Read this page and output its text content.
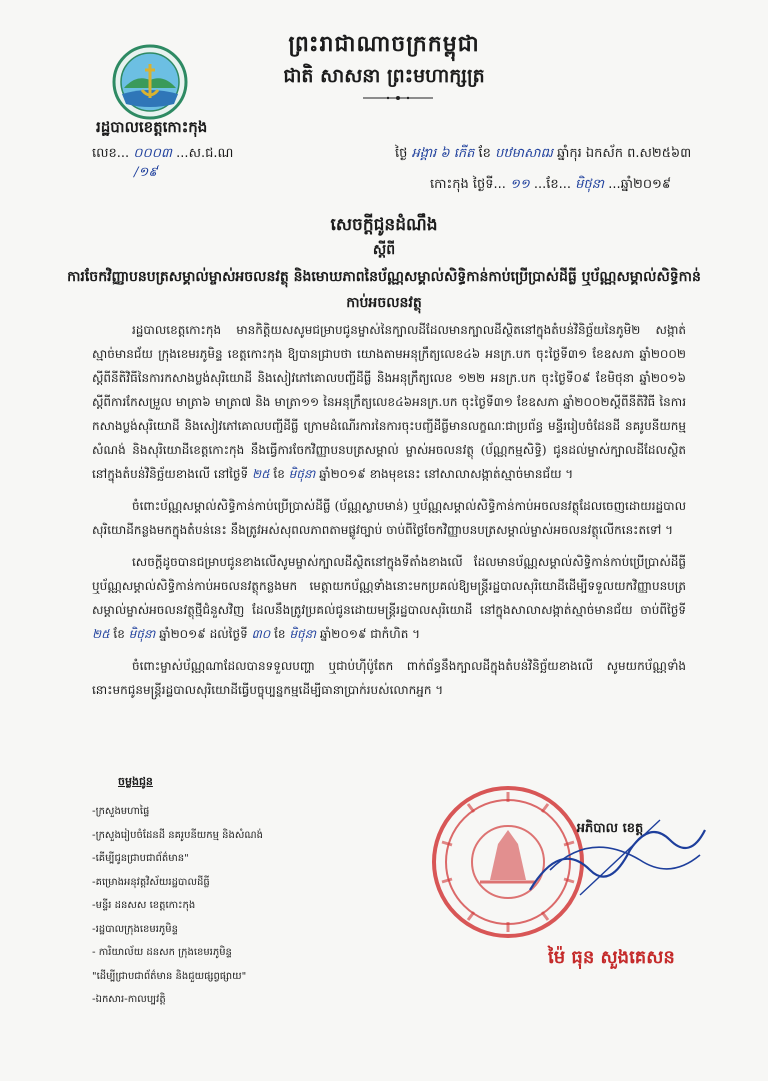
ព្រះរាជាណាចក្រកម្ពុជា
ជាតិ សាសនា ព្រះមហាក្សត្រ
រដ្ឋបាលខេត្តកោះកុង
លេខ... ០០០៣ ...ស.ជ.ណ
/១៩
ថ្ងៃ អង្គារ ៦ កើត ខែ បឋមាសាឍ ឆ្នាំកុរ ឯកស័ក ព.ស២៥៦៣
កោះកុង ថ្ងៃទី... ១១ ...ខែ... មិថុនា ...ឆ្នាំ២០១៩
សេចក្តីជូនដំណឹង
ស្តីពី
ការចែកវិញ្ញាបនបត្រសម្គាល់ម្ចាស់អចលនវត្ថុ និងមោឃភាពនៃប័ណ្ណសម្គាល់សិទ្ធិកាន់កាប់ប្រើប្រាស់ដីធ្លី ឬប័ណ្ណសម្គាល់សិទ្ធិកាន់កាប់អចលនវត្ថុ

រដ្ឋបាលខេត្តកោះកុង មានកិត្តិយសសូមជម្រាបជូនម្ចាស់នៃក្បាលដីដែលមានក្បាលដីស្ថិតនៅក្នុងតំបន់វិនិច្ឆ័យនៃភូមិ២ សង្កាត់ស្មាច់មានជ័យ ក្រុងខេមរភូមិន្ទ ខេត្តកោះកុង ឱ្យបានជ្រាបថា យោងតាមអនុក្រឹត្យលេខ៤៦ អនក្រ.បក ចុះថ្ងៃទី៣១ ខែឧសភា ឆ្នាំ២០០២ ស្តីពីនីតិវិធីនៃការកសាងប្លង់សុរិយោដី និងសៀវភៅគោលបញ្ជីដីធ្លី និងអនុក្រឹត្យលេខ ១២២ អនក្រ.បក ចុះថ្ងៃទី០៩ ខែមិថុនា ឆ្នាំ២០១៦ ស្តីពីការកែសម្រួល មាត្រា៦ មាត្រា៧ និង មាត្រា១១ នៃអនុក្រឹត្យលេខ៤៦អនក្រ.បក ចុះថ្ងៃទី៣១ ខែឧសភា ឆ្នាំ២០០២ស្តីពីនីតិវិធី នៃការកសាងប្លង់សុរិយោដី និងសៀវភៅគោលបញ្ជីដីធ្លី ក្រោមដំណើរការនៃការចុះបញ្ជីដីធ្លីមានលក្ខណៈជាប្រព័ន្ធ មន្ទីររៀបចំដែនដី នគរូបនីយកម្ម សំណង់ និងសុរិយោដីខេត្តកោះកុង នឹងធ្វើការចែកវិញ្ញាបនបត្រសម្គាល់ ម្ចាស់អចលនវត្ថុ (ប័ណ្ណកម្មសិទ្ធិ) ជូនដល់ម្ចាស់ក្បាលដីដែលស្ថិតនៅក្នុងតំបន់វិនិច្ឆ័យខាងលើ នៅថ្ងៃទី ២៥ ខែ មិថុនា ឆ្នាំ២០១៩ ខាងមុខនេះ នៅសាលាសង្កាត់ស្មាច់មានជ័យ ។

ចំពោះប័ណ្ណសម្គាល់សិទ្ធិកាន់កាប់ប្រើប្រាស់ដីធ្លី (ប័ណ្ណស្លាបមាន់) ឬប័ណ្ណសម្គាល់សិទ្ធិកាន់កាប់អចលនវត្ថុដែលចេញដោយរដ្ឋបាលសុរិយោដីកន្លងមកក្នុងតំបន់នេះ នឹងត្រូវអស់សុពលភាពតាមផ្លូវច្បាប់ ចាប់ពីថ្ងៃចែកវិញ្ញាបនបត្រសម្គាល់ម្ចាស់អចលនវត្ថុលើកនេះតទៅ ។

សេចក្តីដូចបានជម្រាបជូនខាងលើសូមម្ចាស់ក្បាលដីស្ថិតនៅក្នុងទីតាំងខាងលើ ដែលមានប័ណ្ណសម្គាល់សិទ្ធិកាន់កាប់ប្រើប្រាស់ដីធ្លី ឬប័ណ្ណសម្គាល់សិទ្ធិកាន់កាប់អចលនវត្ថុកន្លងមក មេត្តាយកប័ណ្ណទាំងនោះមកប្រគល់ឱ្យមន្ត្រីរដ្ឋបាលសុរិយោដីដើម្បីទទួលយកវិញ្ញាបនបត្រសម្គាល់ម្ចាស់អចលនវត្ថុថ្មីជំនួសវិញ ដែលនឹងត្រូវប្រគល់ជូនដោយមន្ត្រីរដ្ឋបាលសុរិយោដី នៅក្នុងសាលាសង្កាត់ស្មាច់មានជ័យ ចាប់ពីថ្ងៃទី ២៥ ខែ មិថុនា ឆ្នាំ២០១៩ ដល់ថ្ងៃទី ៣០ ខែ មិថុនា ឆ្នាំ២០១៩ ជាកំហិត ។

ចំពោះម្ចាស់ប័ណ្ណណាដែលបានទទួលបញ្ហា ឬជាប់ហ៊ីប៉ូតែក ពាក់ព័ន្ធនឹងក្បាលដីក្នុងតំបន់វិនិច្ឆ័យខាងលើ សូមយកប័ណ្ណទាំងនោះមកជូនមន្ត្រីរដ្ឋបាលសុរិយោដីធ្វើបច្ចុប្បន្នកម្មដើម្បីធានាប្រាក់របស់លោកអ្នក ។

ចម្លងជូន
-ក្រសួងមហាផ្ទៃ
-ក្រសួងរៀបចំដែនដី នគរូបនីយកម្ម និងសំណង់
-គើម្បីជូនជ្រាបជាព័ត៌មាន"
-គម្រោងអនុវត្តវិស័យរដ្ឋបាលដីធ្លី
-មន្ទីរ ដនសស ខេត្តកោះកុង
-រដ្ឋបាលក្រុងខេមរភូមិន្ទ
- ការិយាល័យ ដនសក ក្រុងខេមរភូមិន្ទ
"ដើម្បីជ្រាបជាព័ត៌មាន និងជួយផ្សព្វផ្សាយ"
-ឯកសារ-កាលប្បវត្តិ
អភិបាល ខេត្ត
ម៉ៃ ធុន សួងគេសន
